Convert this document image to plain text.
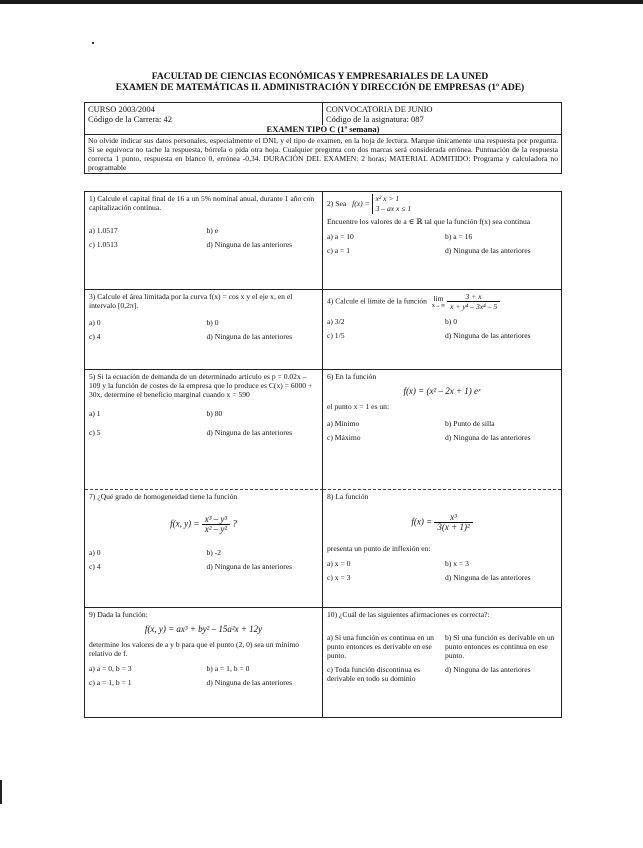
FACULTAD DE CIENCIAS ECONÓMICAS Y EMPRESARIALES DE LA UNED
EXAMEN DE MATEMÁTICAS II. ADMINISTRACIÓN Y DIRECCIÓN DE EMPRESAS (1º ADE)
CURSO 2003/2004
Código de la Carrera: 42
CONVOCATORIA DE JUNIO
Código de la asignatura: 087
EXAMEN TIPO C (1ª semana)
No olvide indicar sus datos personales, especialmente el DNI, y el tipo de examen, en la hoja de lectura. Marque únicamente una respuesta por pregunta. Si se equivoca no tache la respuesta, bórrela o pida otra hoja. Cualquier pregunta con dos marcas será considerada errónea. Puntuación de la respuesta correcta 1 punto, respuesta en blanco 0, errónea -0,34. DURACIÓN DEL EXAMEN: 2 horas; MATERIAL ADMITIDO: Programa y calculadora no programable
1) Calcule el capital final de 16 a un 5% nominal anual, durante 1 año con capitalización continua.
a) 1.0517	b) e
c) 1.0513	d) Ninguna de las anteriores
2) Sea f(x) =
x² x > 1
3 – ax x ≤ 1
Encuentre los valores de a ∈ ℝ tal que la función f(x) sea continua
a) a = 10	b) a = 16
c) a = 1	d) Ninguna de las anteriores
3) Calcule el área limitada por la curva f(x) = cos x y el eje x, en el intervalo [0,2π].
a) 0	b) 0
c) 4	d) Ninguna de las anteriores
4) Calcule el límite de la función lim
x→∞
$\frac{3 + x}{\text{x + y⁴ – 3x⁴ – 5}}$
a) 3/2	b) 0
c) 1/5	d) Ninguna de las anteriores
5) Si la ecuación de demanda de un determinado artículo es p = 0.02x – 109 y la función de costes de la empresa que lo produce es C(x) = 6000 + 30x, determine el beneficio marginal cuando x = 590
a) 1	b) 80
c) 5	d) Ninguna de las anteriores
6) En la función
f(x) = (x² – 2x + 1) eˣ
el punto x = 1 es un:
a) Mínimo	b) Punto de silla
c) Máximo	d) Ninguna de las anteriores
7) ¿Qué grado de homogeneidad tiene la función
f(x, $y) = \frac{\text{x³ – y³}}{\text{x² – y²}}$ ?
a) 0	b) -2
c) 4	d) Ninguna de las anteriores
8) La función
$f(x) = \frac{\text{x³}}{\text{3(x + 1)²}}$
presenta un punto de inflexión en:
a) x = 0	b) x = 3
c) x = 3	d) Ninguna de las anteriores
9) Dada la función:
f(x, y) = ax³ + by² – 15a²x + 12y
determine los valores de a y b para que el punto (2, 0) sea un mínimo relativo de f.
a) a = 0, b = 3	b) a = 1, b = 0
c) a = 1, b = 1	d) Ninguna de las anteriores
10) ¿Cuál de las siguientes afirmaciones es correcta?:
a) Si una función es continua en un punto entonces es derivable en ese punto.
b) Si una función es derivable en un punto entonces es continua en ese punto.
c) Toda función discontinua es derivable en todo su dominio
d) Ninguna de las anteriores
